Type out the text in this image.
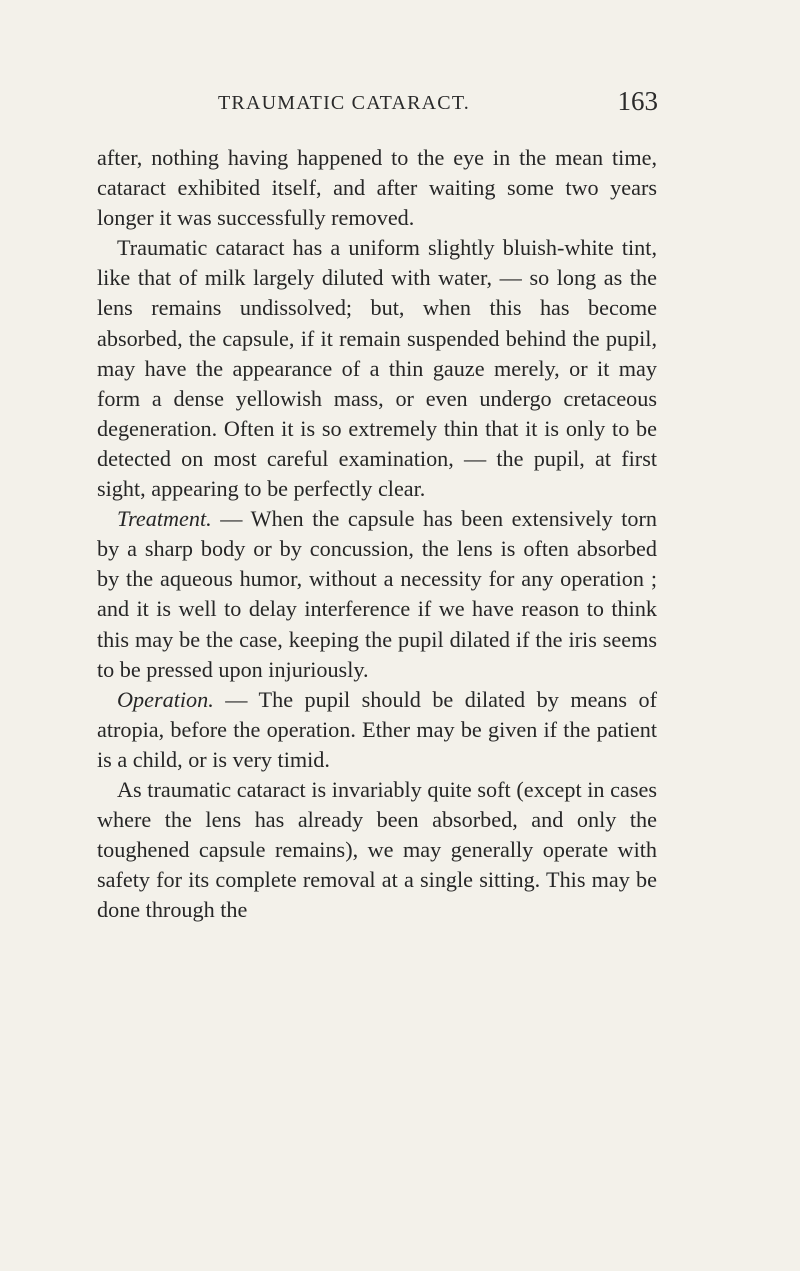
TRAUMATIC CATARACT.	163

after, nothing having happened to the eye in the mean time, cataract exhibited itself, and after waiting some two years longer it was successfully removed.

Traumatic cataract has a uniform slightly bluish-white tint, like that of milk largely diluted with water, — so long as the lens remains undissolved; but, when this has become absorbed, the capsule, if it remain suspended behind the pupil, may have the appearance of a thin gauze merely, or it may form a dense yellowish mass, or even undergo cretaceous degeneration. Often it is so extremely thin that it is only to be detected on most careful examination, — the pupil, at first sight, appearing to be perfectly clear.

Treatment. — When the capsule has been extensively torn by a sharp body or by concussion, the lens is often absorbed by the aqueous humor, without a necessity for any operation ; and it is well to delay interference if we have reason to think this may be the case, keeping the pupil dilated if the iris seems to be pressed upon injuriously.

Operation. — The pupil should be dilated by means of atropia, before the operation. Ether may be given if the patient is a child, or is very timid.

As traumatic cataract is invariably quite soft (except in cases where the lens has already been absorbed, and only the toughened capsule remains), we may generally operate with safety for its complete removal at a single sitting. This may be done through the
